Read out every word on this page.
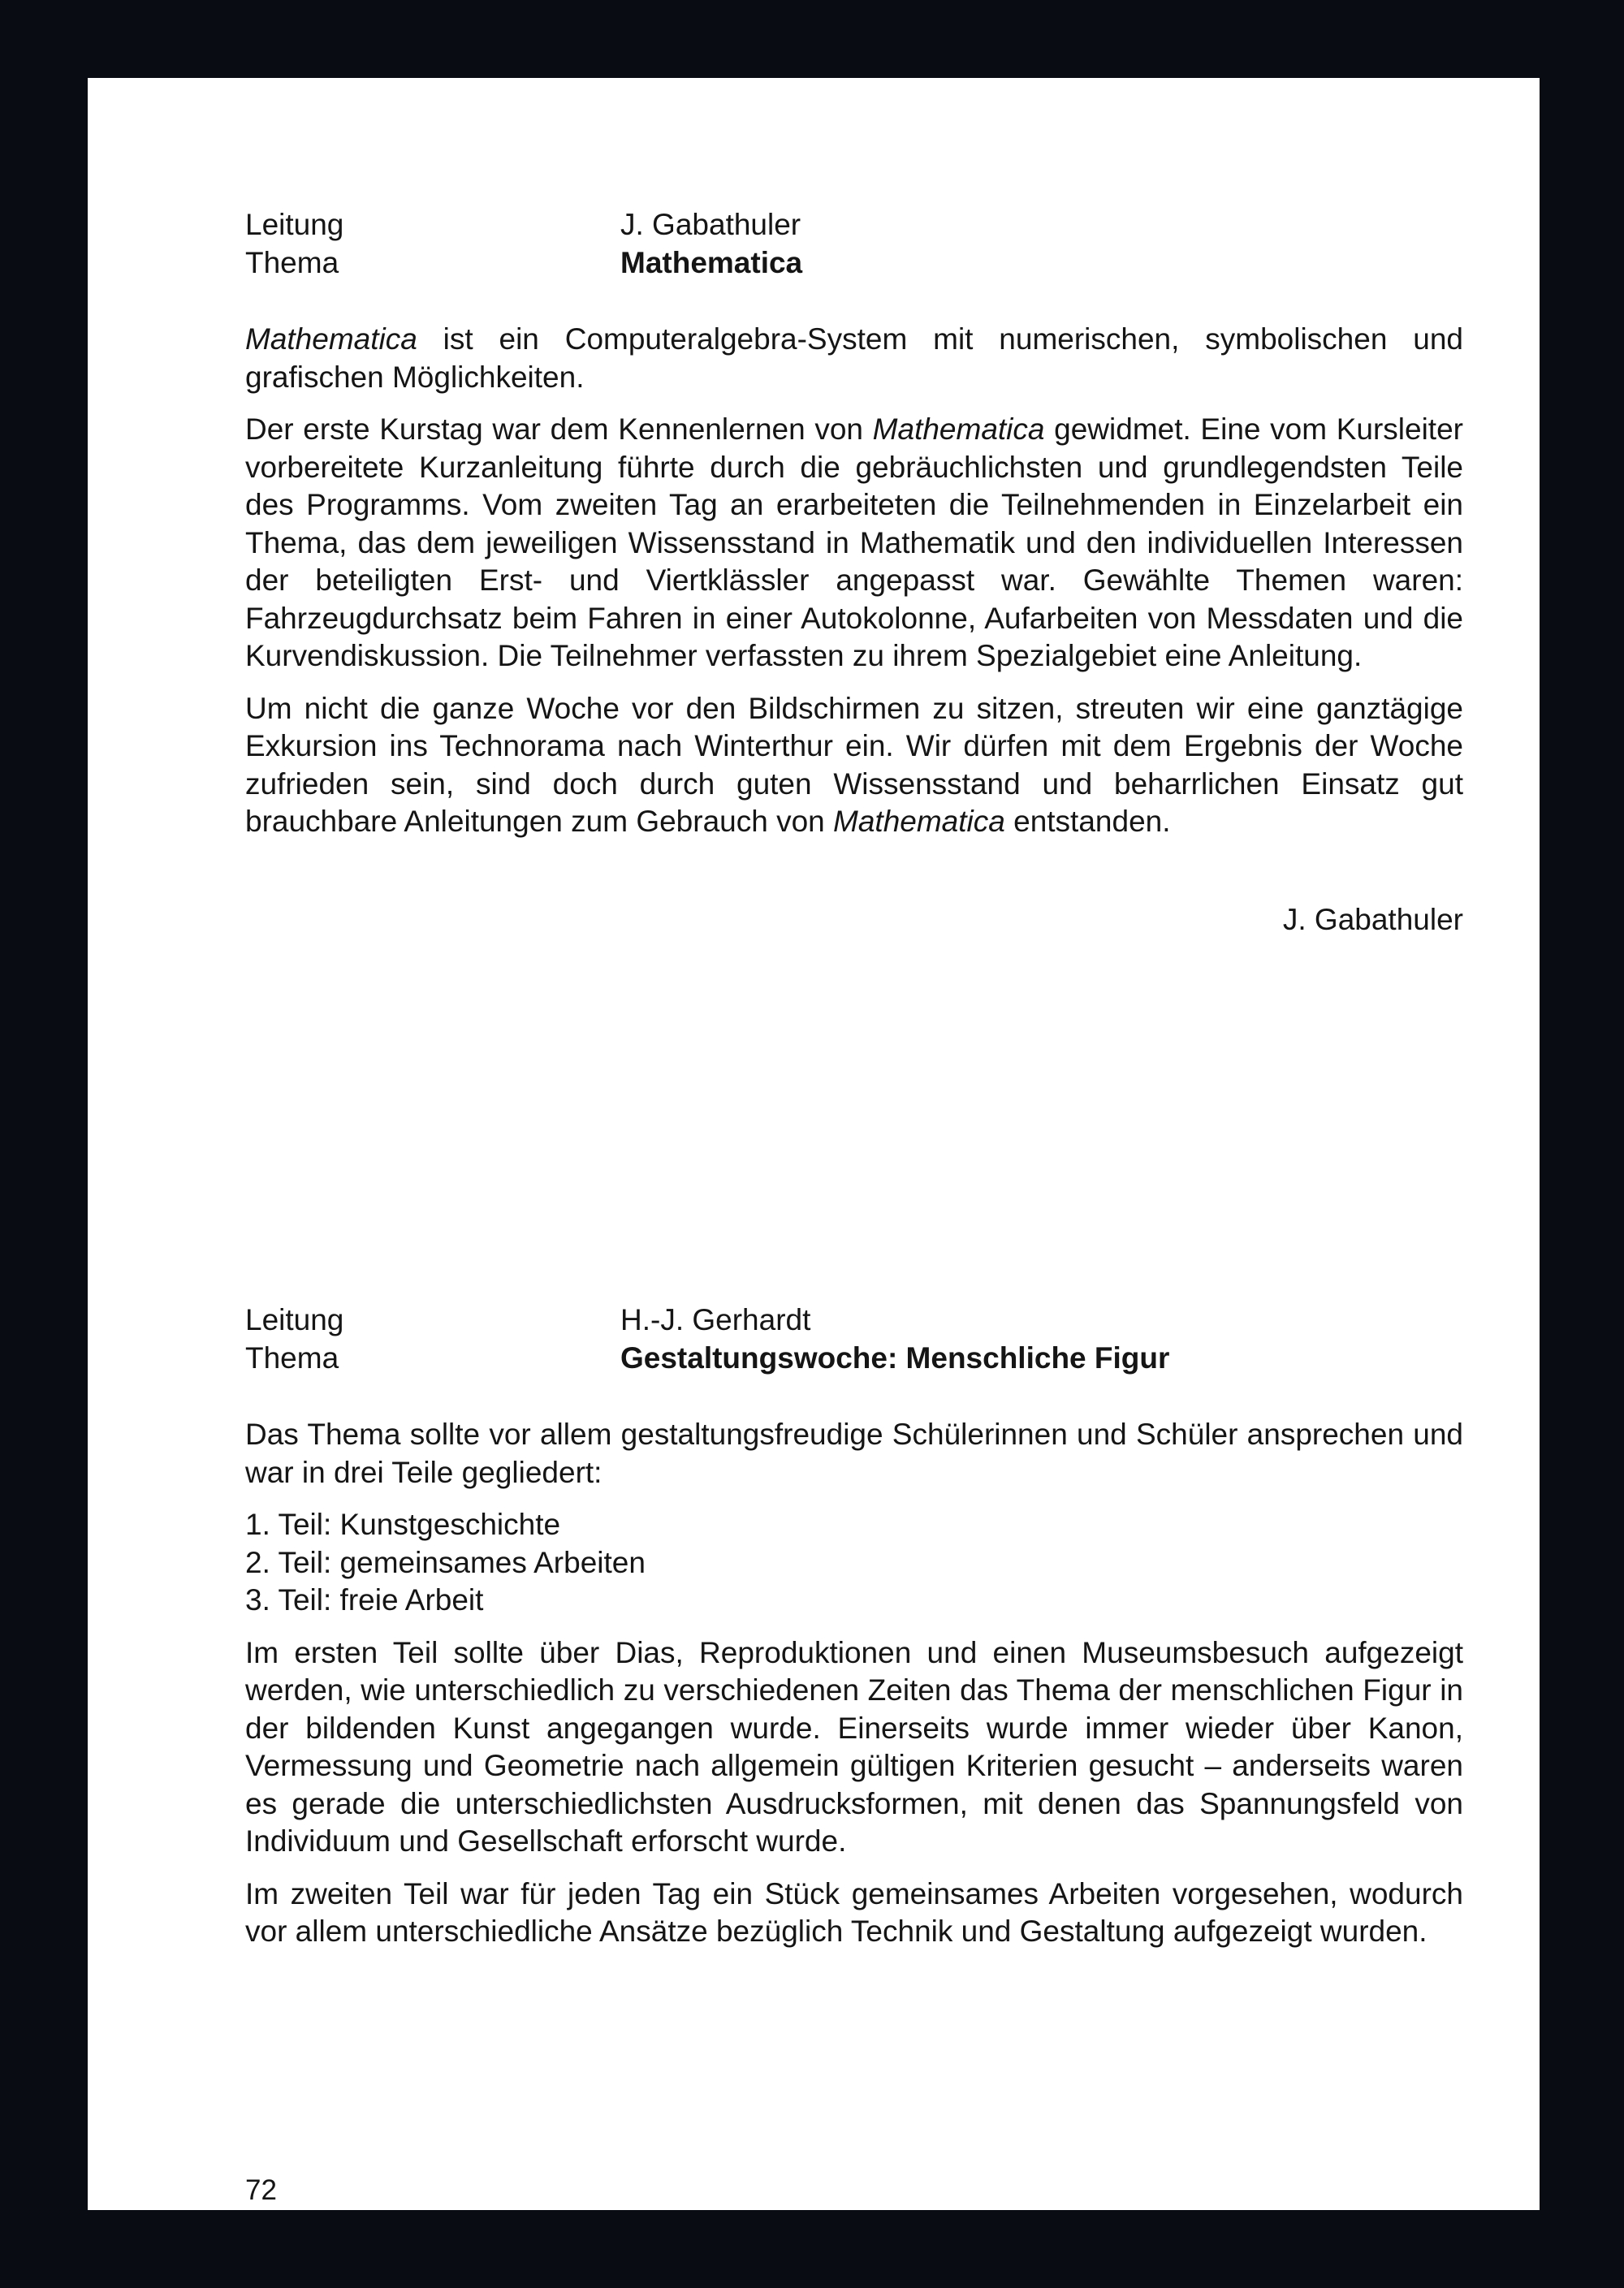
Leitung	J. Gabathuler
Thema	Mathematica

Mathematica ist ein Computeralgebra-System mit numerischen, symbolischen und grafischen Möglichkeiten.

Der erste Kurstag war dem Kennenlernen von Mathematica gewidmet. Eine vom Kursleiter vorbereitete Kurzanleitung führte durch die gebräuchlichsten und grundlegendsten Teile des Programms. Vom zweiten Tag an erarbeiteten die Teilnehmenden in Einzelarbeit ein Thema, das dem jeweiligen Wissensstand in Mathematik und den individuellen Interessen der beteiligten Erst- und Viertklässler angepasst war. Gewählte Themen waren: Fahrzeugdurchsatz beim Fahren in einer Autokolonne, Aufarbeiten von Messdaten und die Kurvendiskussion. Die Teilnehmer verfassten zu ihrem Spezialgebiet eine Anleitung.

Um nicht die ganze Woche vor den Bildschirmen zu sitzen, streuten wir eine ganztägige Exkursion ins Technorama nach Winterthur ein. Wir dürfen mit dem Ergebnis der Woche zufrieden sein, sind doch durch guten Wissensstand und beharrlichen Einsatz gut brauchbare Anleitungen zum Gebrauch von Mathematica entstanden.

J. Gabathuler
Leitung	H.-J. Gerhardt
Thema	Gestaltungswoche: Menschliche Figur

Das Thema sollte vor allem gestaltungsfreudige Schülerinnen und Schüler ansprechen und war in drei Teile gegliedert:

1. Teil: Kunstgeschichte
2. Teil: gemeinsames Arbeiten
3. Teil: freie Arbeit

Im ersten Teil sollte über Dias, Reproduktionen und einen Museumsbesuch aufgezeigt werden, wie unterschiedlich zu verschiedenen Zeiten das Thema der menschlichen Figur in der bildenden Kunst angegangen wurde. Einerseits wurde immer wieder über Kanon, Vermessung und Geometrie nach allgemein gültigen Kriterien gesucht – anderseits waren es gerade die unterschiedlichsten Ausdrucksformen, mit denen das Spannungsfeld von Individuum und Gesellschaft erforscht wurde.

Im zweiten Teil war für jeden Tag ein Stück gemeinsames Arbeiten vorgesehen, wodurch vor allem unterschiedliche Ansätze bezüglich Technik und Gestaltung aufgezeigt wurden.

72
